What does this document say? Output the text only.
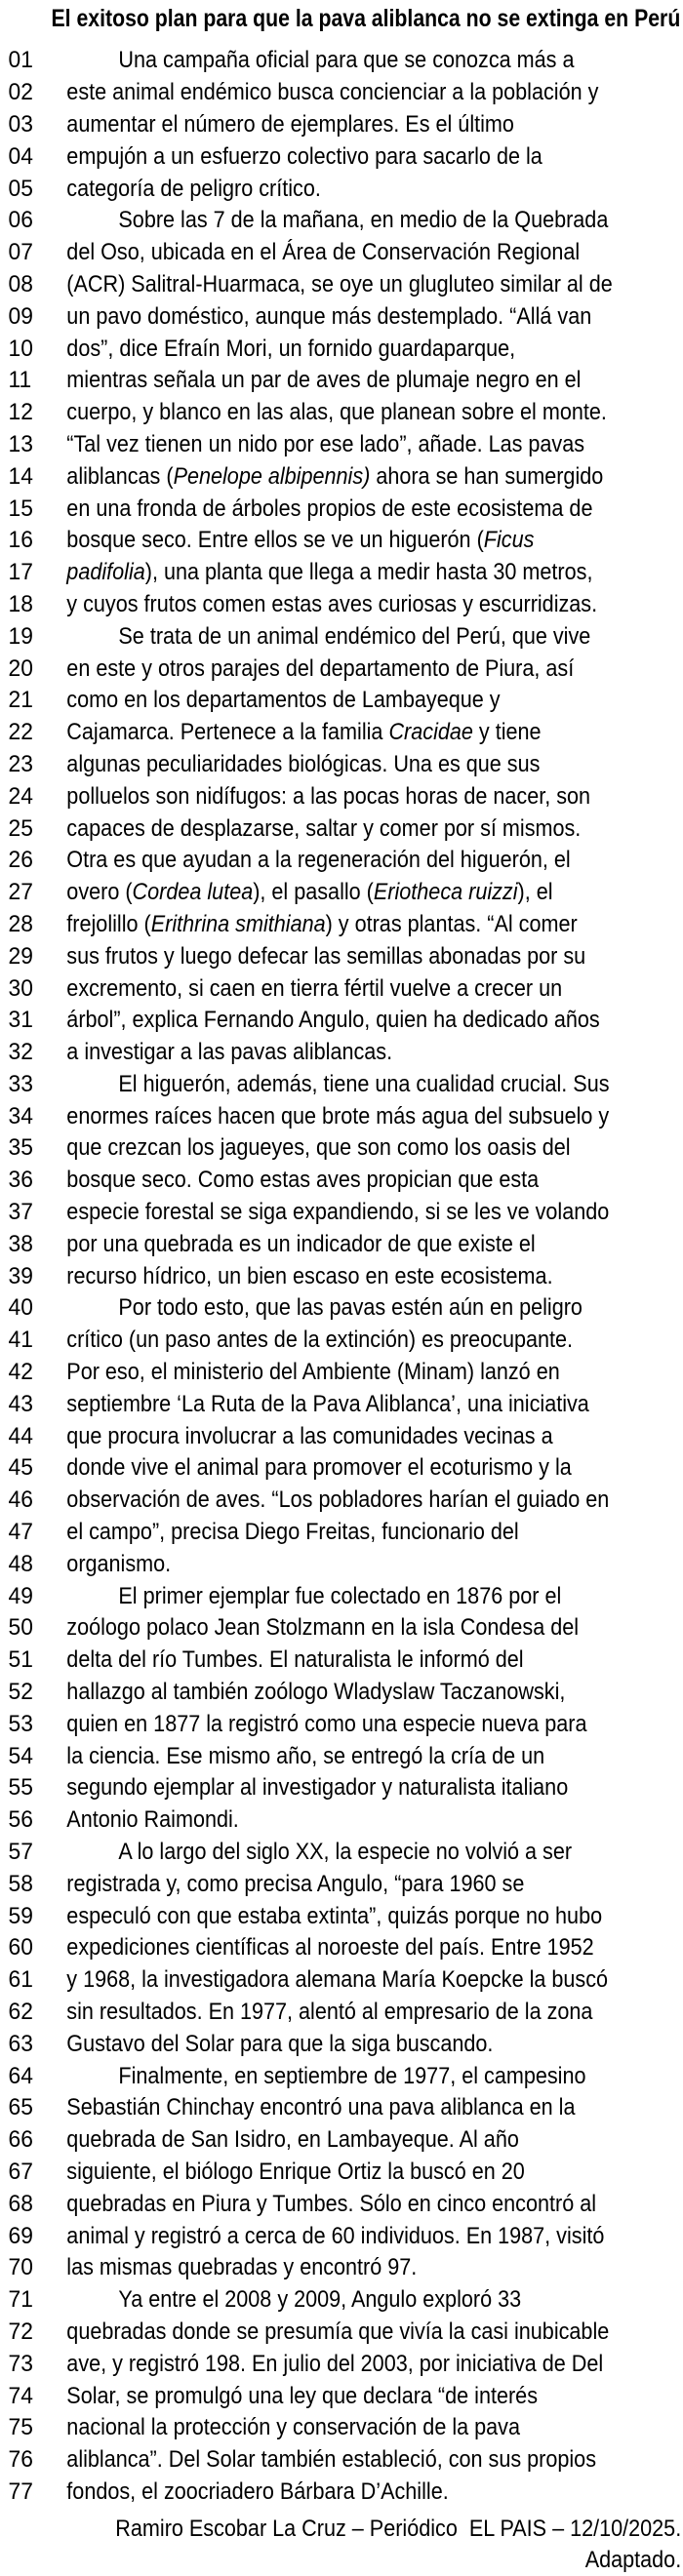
El exitoso plan para que la pava aliblanca no se extinga en Perú
01	Una campaña oficial para que se conozca más a
02	este animal endémico busca concienciar a la población y
03	aumentar el número de ejemplares. Es el último
04	empujón a un esfuerzo colectivo para sacarlo de la
05	categoría de peligro crítico.
06	Sobre las 7 de la mañana, en medio de la Quebrada
07	del Oso, ubicada en el Área de Conservación Regional
08	(ACR) Salitral-Huarmaca, se oye un glugluteo similar al de
09	un pavo doméstico, aunque más destemplado. “Allá van
10	dos”, dice Efraín Mori, un fornido guardaparque,
11	mientras señala un par de aves de plumaje negro en el
12	cuerpo, y blanco en las alas, que planean sobre el monte.
13	“Tal vez tienen un nido por ese lado”, añade. Las pavas
14	aliblancas (Penelope albipennis) ahora se han sumergido
15	en una fronda de árboles propios de este ecosistema de
16	bosque seco. Entre ellos se ve un higuerón (Ficus
17	padifolia), una planta que llega a medir hasta 30 metros,
18	y cuyos frutos comen estas aves curiosas y escurridizas.
19	Se trata de un animal endémico del Perú, que vive
20	en este y otros parajes del departamento de Piura, así
21	como en los departamentos de Lambayeque y
22	Cajamarca. Pertenece a la familia Cracidae y tiene
23	algunas peculiaridades biológicas. Una es que sus
24	polluelos son nidífugos: a las pocas horas de nacer, son
25	capaces de desplazarse, saltar y comer por sí mismos.
26	Otra es que ayudan a la regeneración del higuerón, el
27	overo (Cordea lutea), el pasallo (Eriotheca ruizzi), el
28	frejolillo (Erithrina smithiana) y otras plantas. “Al comer
29	sus frutos y luego defecar las semillas abonadas por su
30	excremento, si caen en tierra fértil vuelve a crecer un
31	árbol”, explica Fernando Angulo, quien ha dedicado años
32	a investigar a las pavas aliblancas.
33	El higuerón, además, tiene una cualidad crucial. Sus
34	enormes raíces hacen que brote más agua del subsuelo y
35	que crezcan los jagueyes, que son como los oasis del
36	bosque seco. Como estas aves propician que esta
37	especie forestal se siga expandiendo, si se les ve volando
38	por una quebrada es un indicador de que existe el
39	recurso hídrico, un bien escaso en este ecosistema.
40	Por todo esto, que las pavas estén aún en peligro
41	crítico (un paso antes de la extinción) es preocupante.
42	Por eso, el ministerio del Ambiente (Minam) lanzó en
43	septiembre ‘La Ruta de la Pava Aliblanca’, una iniciativa
44	que procura involucrar a las comunidades vecinas a
45	donde vive el animal para promover el ecoturismo y la
46	observación de aves. “Los pobladores harían el guiado en
47	el campo”, precisa Diego Freitas, funcionario del
48	organismo.
49	El primer ejemplar fue colectado en 1876 por el
50	zoólogo polaco Jean Stolzmann en la isla Condesa del
51	delta del río Tumbes. El naturalista le informó del
52	hallazgo al también zoólogo Wladyslaw Taczanowski,
53	quien en 1877 la registró como una especie nueva para
54	la ciencia. Ese mismo año, se entregó la cría de un
55	segundo ejemplar al investigador y naturalista italiano
56	Antonio Raimondi.
57	A lo largo del siglo XX, la especie no volvió a ser
58	registrada y, como precisa Angulo, “para 1960 se
59	especuló con que estaba extinta”, quizás porque no hubo
60	expediciones científicas al noroeste del país. Entre 1952
61	y 1968, la investigadora alemana María Koepcke la buscó
62	sin resultados. En 1977, alentó al empresario de la zona
63	Gustavo del Solar para que la siga buscando.
64	Finalmente, en septiembre de 1977, el campesino
65	Sebastián Chinchay encontró una pava aliblanca en la
66	quebrada de San Isidro, en Lambayeque. Al año
67	siguiente, el biólogo Enrique Ortiz la buscó en 20
68	quebradas en Piura y Tumbes. Sólo en cinco encontró al
69	animal y registró a cerca de 60 individuos. En 1987, visitó
70	las mismas quebradas y encontró 97.
71	Ya entre el 2008 y 2009, Angulo exploró 33
72	quebradas donde se presumía que vivía la casi inubicable
73	ave, y registró 198. En julio del 2003, por iniciativa de Del
74	Solar, se promulgó una ley que declara “de interés
75	nacional la protección y conservación de la pava
76	aliblanca”. Del Solar también estableció, con sus propios
77	fondos, el zoocriadero Bárbara D’Achille.
Ramiro Escobar La Cruz – Periódico  EL PAIS – 12/10/2025.
Adaptado.
